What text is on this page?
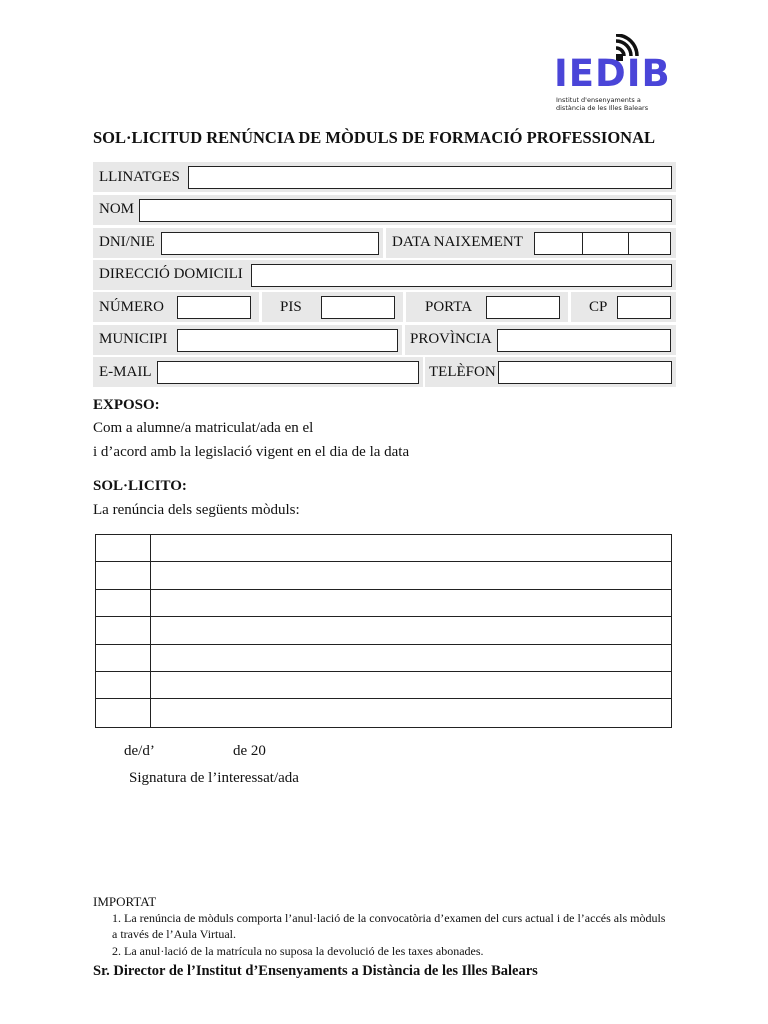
IEDIB
Institut d'ensenyaments a
distància de les Illes Balears
SOL·LICITUD RENÚNCIA DE MÒDULS DE FORMACIÓ PROFESSIONAL
LLINATGES
NOM
DNI/NIE	DATA NAIXEMENT
DIRECCIÓ DOMICILI
NÚMERO	PIS	PORTA	CP
MUNICIPI	PROVÌNCIA
E-MAIL	TELÈFON
EXPOSO:
Com a alumne/a matriculat/ada en el
i d’acord amb la legislació vigent en el dia de la data
SOL·LICITO:
La renúncia dels següents mòduls:
de/d’	de 20
Signatura de l’interessat/ada
IMPORTAT
1. La renúncia de mòduls comporta l’anul·lació de la convocatòria d’examen del curs actual i de l’accés als mòduls a través de l’Aula Virtual.
2. La anul·lació de la matrícula no suposa la devolució de les taxes abonades.
Sr. Director de l’Institut d’Ensenyaments a Distància de les Illes Balears
